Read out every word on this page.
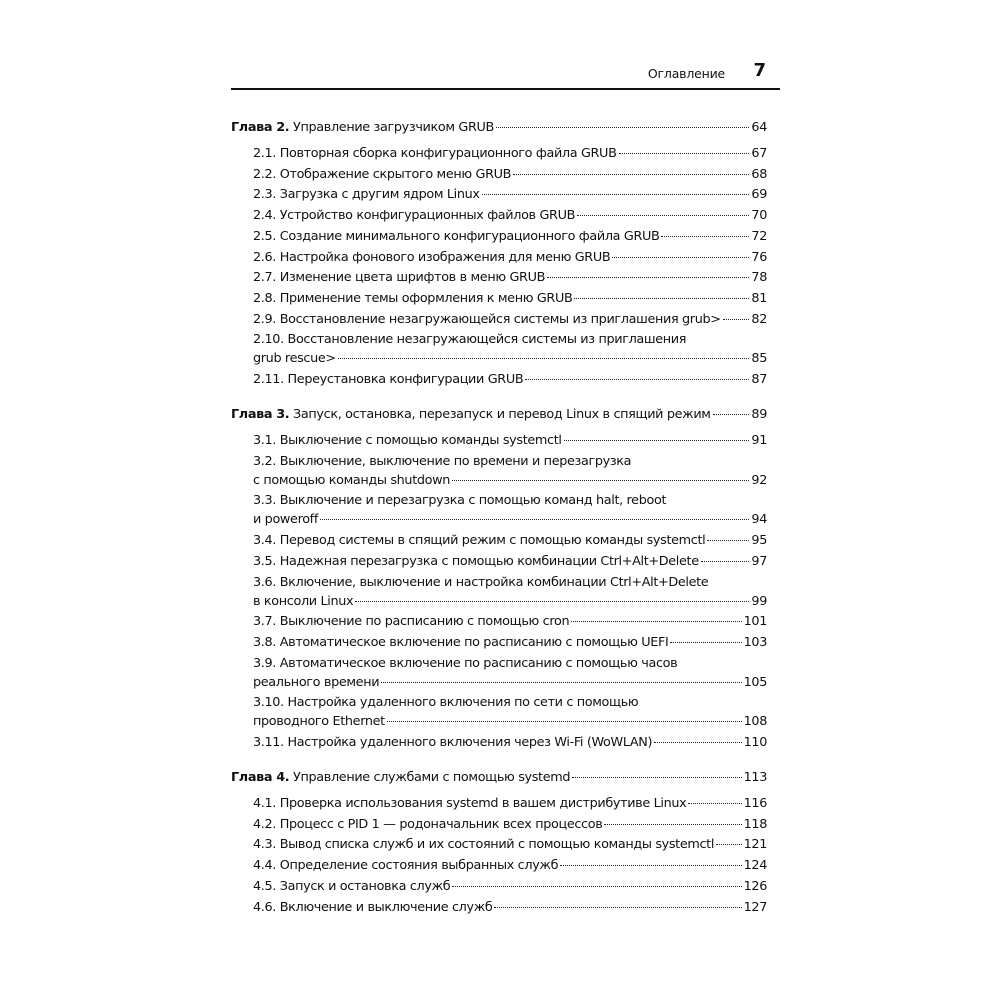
Оглавление 7
Глава 2. Управление загрузчиком GRUB	64
2.1. Повторная сборка конфигурационного файла GRUB	67
2.2. Отображение скрытого меню GRUB	68
2.3. Загрузка с другим ядром Linux	69
2.4. Устройство конфигурационных файлов GRUB	70
2.5. Создание минимального конфигурационного файла GRUB	72
2.6. Настройка фонового изображения для меню GRUB	76
2.7. Изменение цвета шрифтов в меню GRUB	78
2.8. Применение темы оформления к меню GRUB	81
2.9. Восстановление незагружающейся системы из приглашения grub> 82
2.10. Восстановление незагружающейся системы из приглашения
grub rescue>	85
2.11. Переустановка конфигурации GRUB	87
Глава 3. Запуск, остановка, перезапуск и перевод Linux в спящий режим	89
3.1. Выключение с помощью команды systemctl	91
3.2. Выключение, выключение по времени и перезагрузка
с помощью команды shutdown	92
3.3. Выключение и перезагрузка с помощью команд halt, reboot
и poweroff	94
3.4. Перевод системы в спящий режим с помощью команды systemctl	95
3.5. Надежная перезагрузка с помощью комбинации Ctrl+Alt+Delete	97
3.6. Включение, выключение и настройка комбинации Ctrl+Alt+Delete
в консоли Linux	99
3.7. Выключение по расписанию с помощью cron	101
3.8. Автоматическое включение по расписанию с помощью UEFI	103
3.9. Автоматическое включение по расписанию с помощью часов
реального времени	105
3.10. Настройка удаленного включения по сети с помощью
проводного Ethernet	108
3.11. Настройка удаленного включения через Wi-Fi (WoWLAN)	110
Глава 4. Управление службами с помощью systemd	113
4.1. Проверка использования systemd в вашем дистрибутиве Linux	116
4.2. Процесс с PID 1 — родоначальник всех процессов	118
4.3. Вывод списка служб и их состояний с помощью команды systemctl 121
4.4. Определение состояния выбранных служб	124
4.5. Запуск и остановка служб	126
4.6. Включение и выключение служб	127
